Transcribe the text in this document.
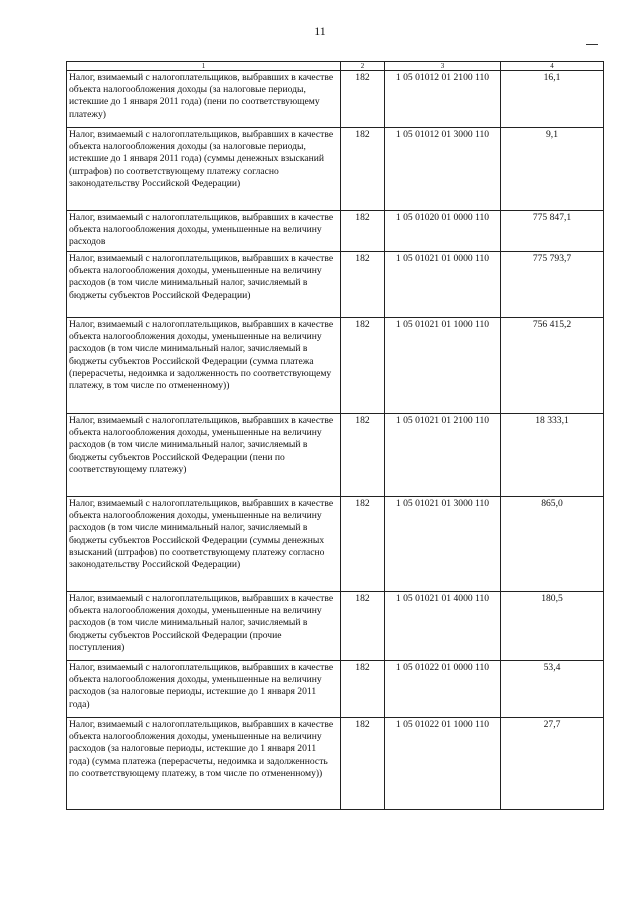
11
1	2	3	4
Налог, взимаемый с налогоплательщиков, выбравших в качестве объекта налогообложения доходы (за налоговые периоды, истекшие до 1 января 2011 года) (пени по соответствующему платежу)	182	1 05 01012 01 2100 110	16,1
Налог, взимаемый с налогоплательщиков, выбравших в качестве объекта налогообложения доходы (за налоговые периоды, истекшие до 1 января 2011 года) (суммы денежных взысканий (штрафов) по соответствующему платежу согласно законодательству Российской Федерации)	182	1 05 01012 01 3000 110	9,1
Налог, взимаемый с налогоплательщиков, выбравших в качестве объекта налогообложения доходы, уменьшенные на величину расходов	182	1 05 01020 01 0000 110	775 847,1
Налог, взимаемый с налогоплательщиков, выбравших в качестве объекта налогообложения доходы, уменьшенные на величину расходов (в том числе минимальный налог, зачисляемый в бюджеты субъектов Российской Федерации)	182	1 05 01021 01 0000 110	775 793,7
Налог, взимаемый с налогоплательщиков, выбравших в качестве объекта налогообложения доходы, уменьшенные на величину расходов (в том числе минимальный налог, зачисляемый в бюджеты субъектов Российской Федерации (сумма платежа (перерасчеты, недоимка и задолженность по соответствующему платежу, в том числе по отмененному))	182	1 05 01021 01 1000 110	756 415,2
Налог, взимаемый с налогоплательщиков, выбравших в качестве объекта налогообложения доходы, уменьшенные на величину расходов (в том числе минимальный налог, зачисляемый в бюджеты субъектов Российской Федерации (пени по соответствующему платежу)	182	1 05 01021 01 2100 110	18 333,1
Налог, взимаемый с налогоплательщиков, выбравших в качестве объекта налогообложения доходы, уменьшенные на величину расходов (в том числе минимальный налог, зачисляемый в бюджеты субъектов Российской Федерации (суммы денежных взысканий (штрафов) по соответствующему платежу согласно законодательству Российской Федерации)	182	1 05 01021 01 3000 110	865,0
Налог, взимаемый с налогоплательщиков, выбравших в качестве объекта налогообложения доходы, уменьшенные на величину расходов (в том числе минимальный налог, зачисляемый в бюджеты субъектов Российской Федерации (прочие поступления)	182	1 05 01021 01 4000 110	180,5
Налог, взимаемый с налогоплательщиков, выбравших в качестве объекта налогообложения доходы, уменьшенные на величину расходов (за налоговые периоды, истекшие до 1 января 2011 года)	182	1 05 01022 01 0000 110	53,4
Налог, взимаемый с налогоплательщиков, выбравших в качестве объекта налогообложения доходы, уменьшенные на величину расходов (за налоговые периоды, истекшие до 1 января 2011 года) (сумма платежа (перерасчеты, недоимка и задолженность по соответствующему платежу, в том числе по отмененному))	182	1 05 01022 01 1000 110	27,7
